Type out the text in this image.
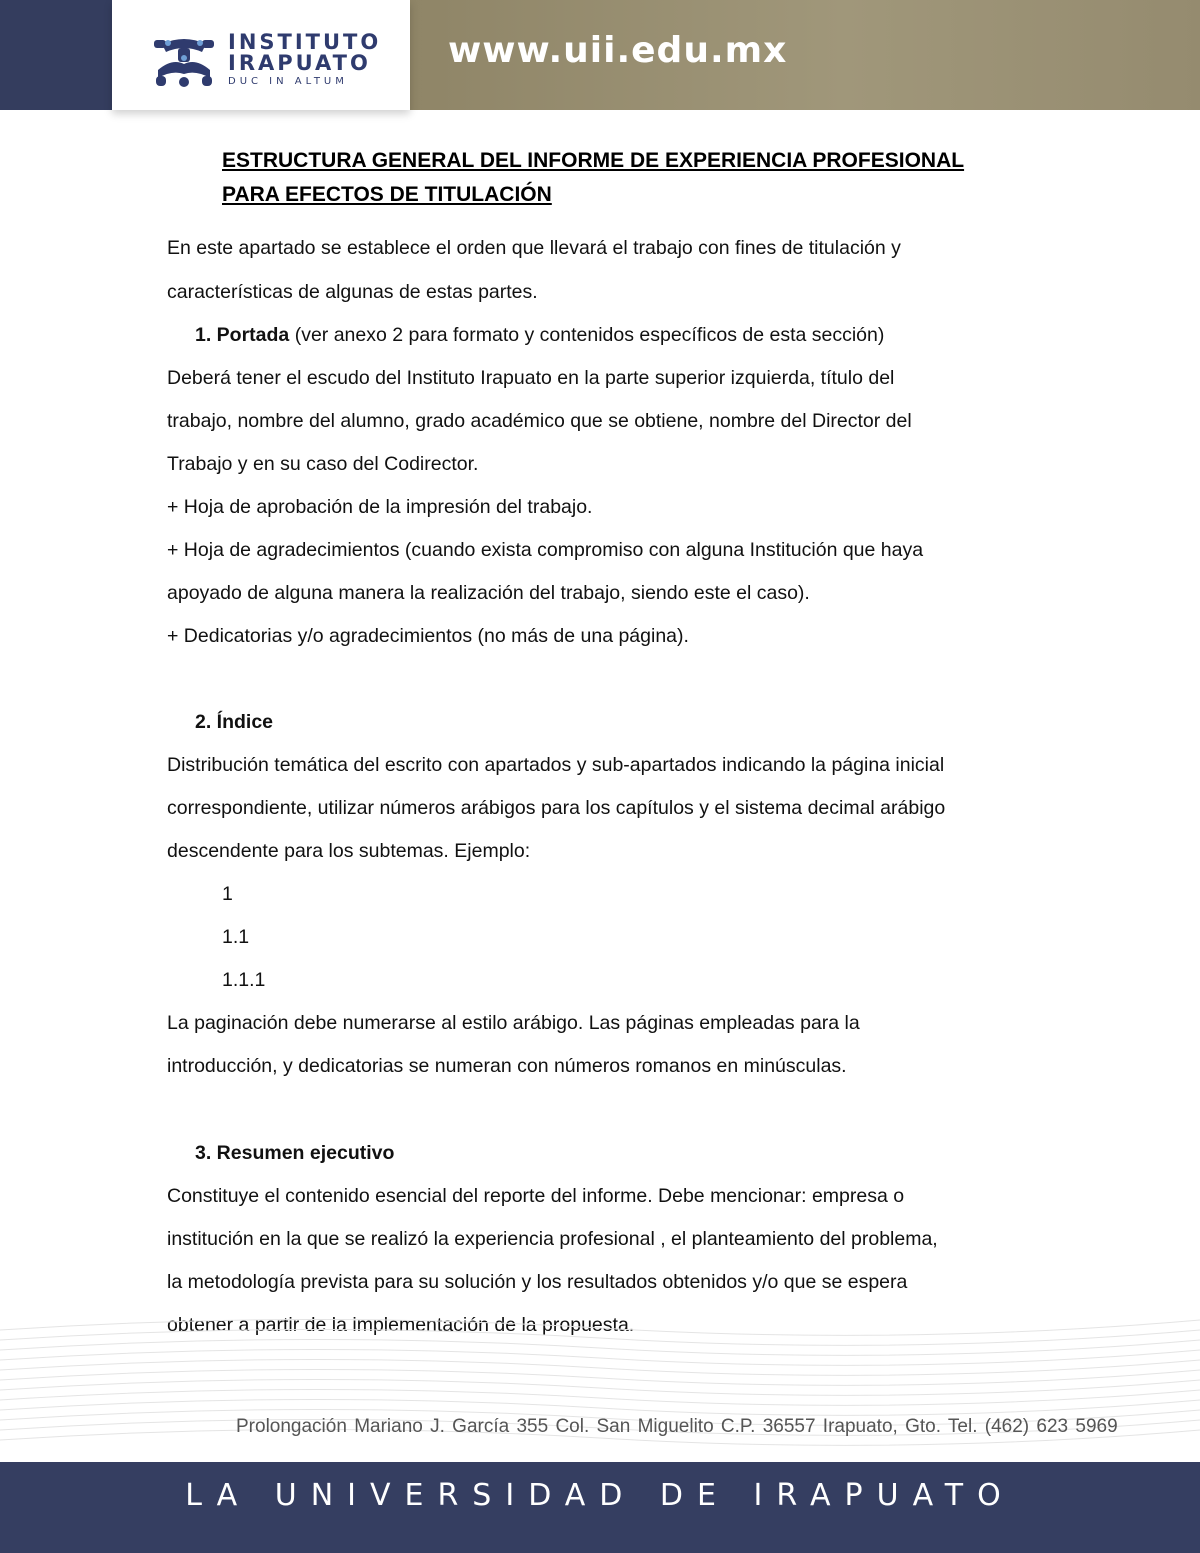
INSTITUTO
IRAPUATO
DUC IN ALTUM
www.uii.edu.mx
ESTRUCTURA GENERAL DEL INFORME DE EXPERIENCIA PROFESIONAL
PARA EFECTOS DE TITULACIÓN
En este apartado se establece el orden que llevará el trabajo con fines de titulación y
características de algunas de estas partes.
1. Portada (ver anexo 2 para formato y contenidos específicos de esta sección)
Deberá tener el escudo del Instituto Irapuato en la parte superior izquierda, título del
trabajo, nombre del alumno, grado académico que se obtiene, nombre del Director del
Trabajo y en su caso del Codirector.
+ Hoja de aprobación de la impresión del trabajo.
+ Hoja de agradecimientos (cuando exista compromiso con alguna Institución que haya
apoyado de alguna manera la realización del trabajo, siendo este el caso).
+ Dedicatorias y/o agradecimientos (no más de una página).
2. Índice
Distribución temática del escrito con apartados y sub-apartados indicando la página inicial
correspondiente, utilizar números arábigos para los capítulos y el sistema decimal arábigo
descendente para los subtemas. Ejemplo:
1
1.1
1.1.1
La paginación debe numerarse al estilo arábigo. Las páginas empleadas para la
introducción, y dedicatorias se numeran con números romanos en minúsculas.
3. Resumen ejecutivo
Constituye el contenido esencial del reporte del informe. Debe mencionar: empresa o
institución en la que se realizó la experiencia profesional , el planteamiento del problema,
la metodología prevista para su solución y los resultados obtenidos y/o que se espera
obtener a partir de la implementación de la propuesta.
Prolongación Mariano J. García 355 Col. San Miguelito C.P. 36557 Irapuato, Gto. Tel. (462) 623 5969
LA UNIVERSIDAD DE IRAPUATO
